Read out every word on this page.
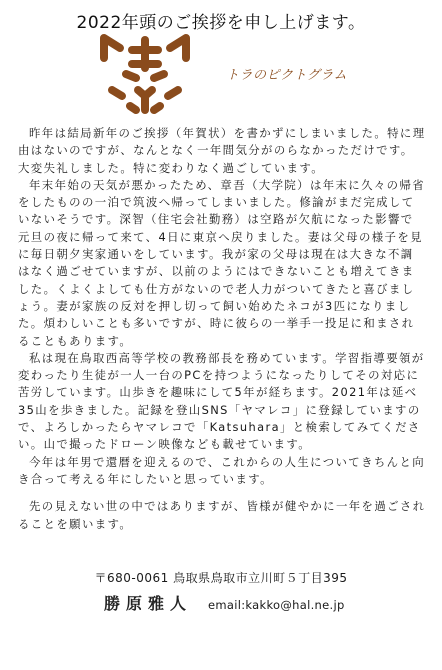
2022年頭のご挨拶を申し上げます。
トラのピクトグラム

昨年は結局新年のご挨拶（年賀状）を書かずにしまいました。特に理由はないのですが、なんとなく一年間気分がのらなかっただけです。大変失礼しました。特に変わりなく過ごしています。

年末年始の天気が悪かったため、章吾（大学院）は年末に久々の帰省をしたものの一泊で筑波へ帰ってしまいました。修論がまだ完成していないそうです。深智（住宅会社勤務）は空路が欠航になった影響で元旦の夜に帰って来て、4日に東京へ戻りました。妻は父母の様子を見に毎日朝夕実家通いをしています。我が家の父母は現在は大きな不調はなく過ごせていますが、以前のようにはできないことも増えてきました。くよくよしても仕方がないので老人力がついてきたと喜びましょう。妻が家族の反対を押し切って飼い始めたネコが3匹になりました。煩わしいことも多いですが、時に彼らの一挙手一投足に和まされることもあります。

私は現在鳥取西高等学校の教務部長を務めています。学習指導要領が変わったり生徒が一人一台のPCを持つようになったりしてその対応に苦労しています。山歩きを趣味にして5年が経ちます。2021年は延べ35山を歩きました。記録を登山SNS「ヤマレコ」に登録していますので、よろしかったらヤマレコで「Katsuhara」と検索してみてください。山で撮ったドローン映像なども載せています。

今年は年男で還暦を迎えるので、これからの人生についてきちんと向き合って考える年にしたいと思っています。

先の見えない世の中ではありますが、皆様が健やかに一年を過ごされることを願います。

〒680-0061 鳥取県鳥取市立川町５丁目395
勝原雅人 email:kakko@hal.ne.jp
